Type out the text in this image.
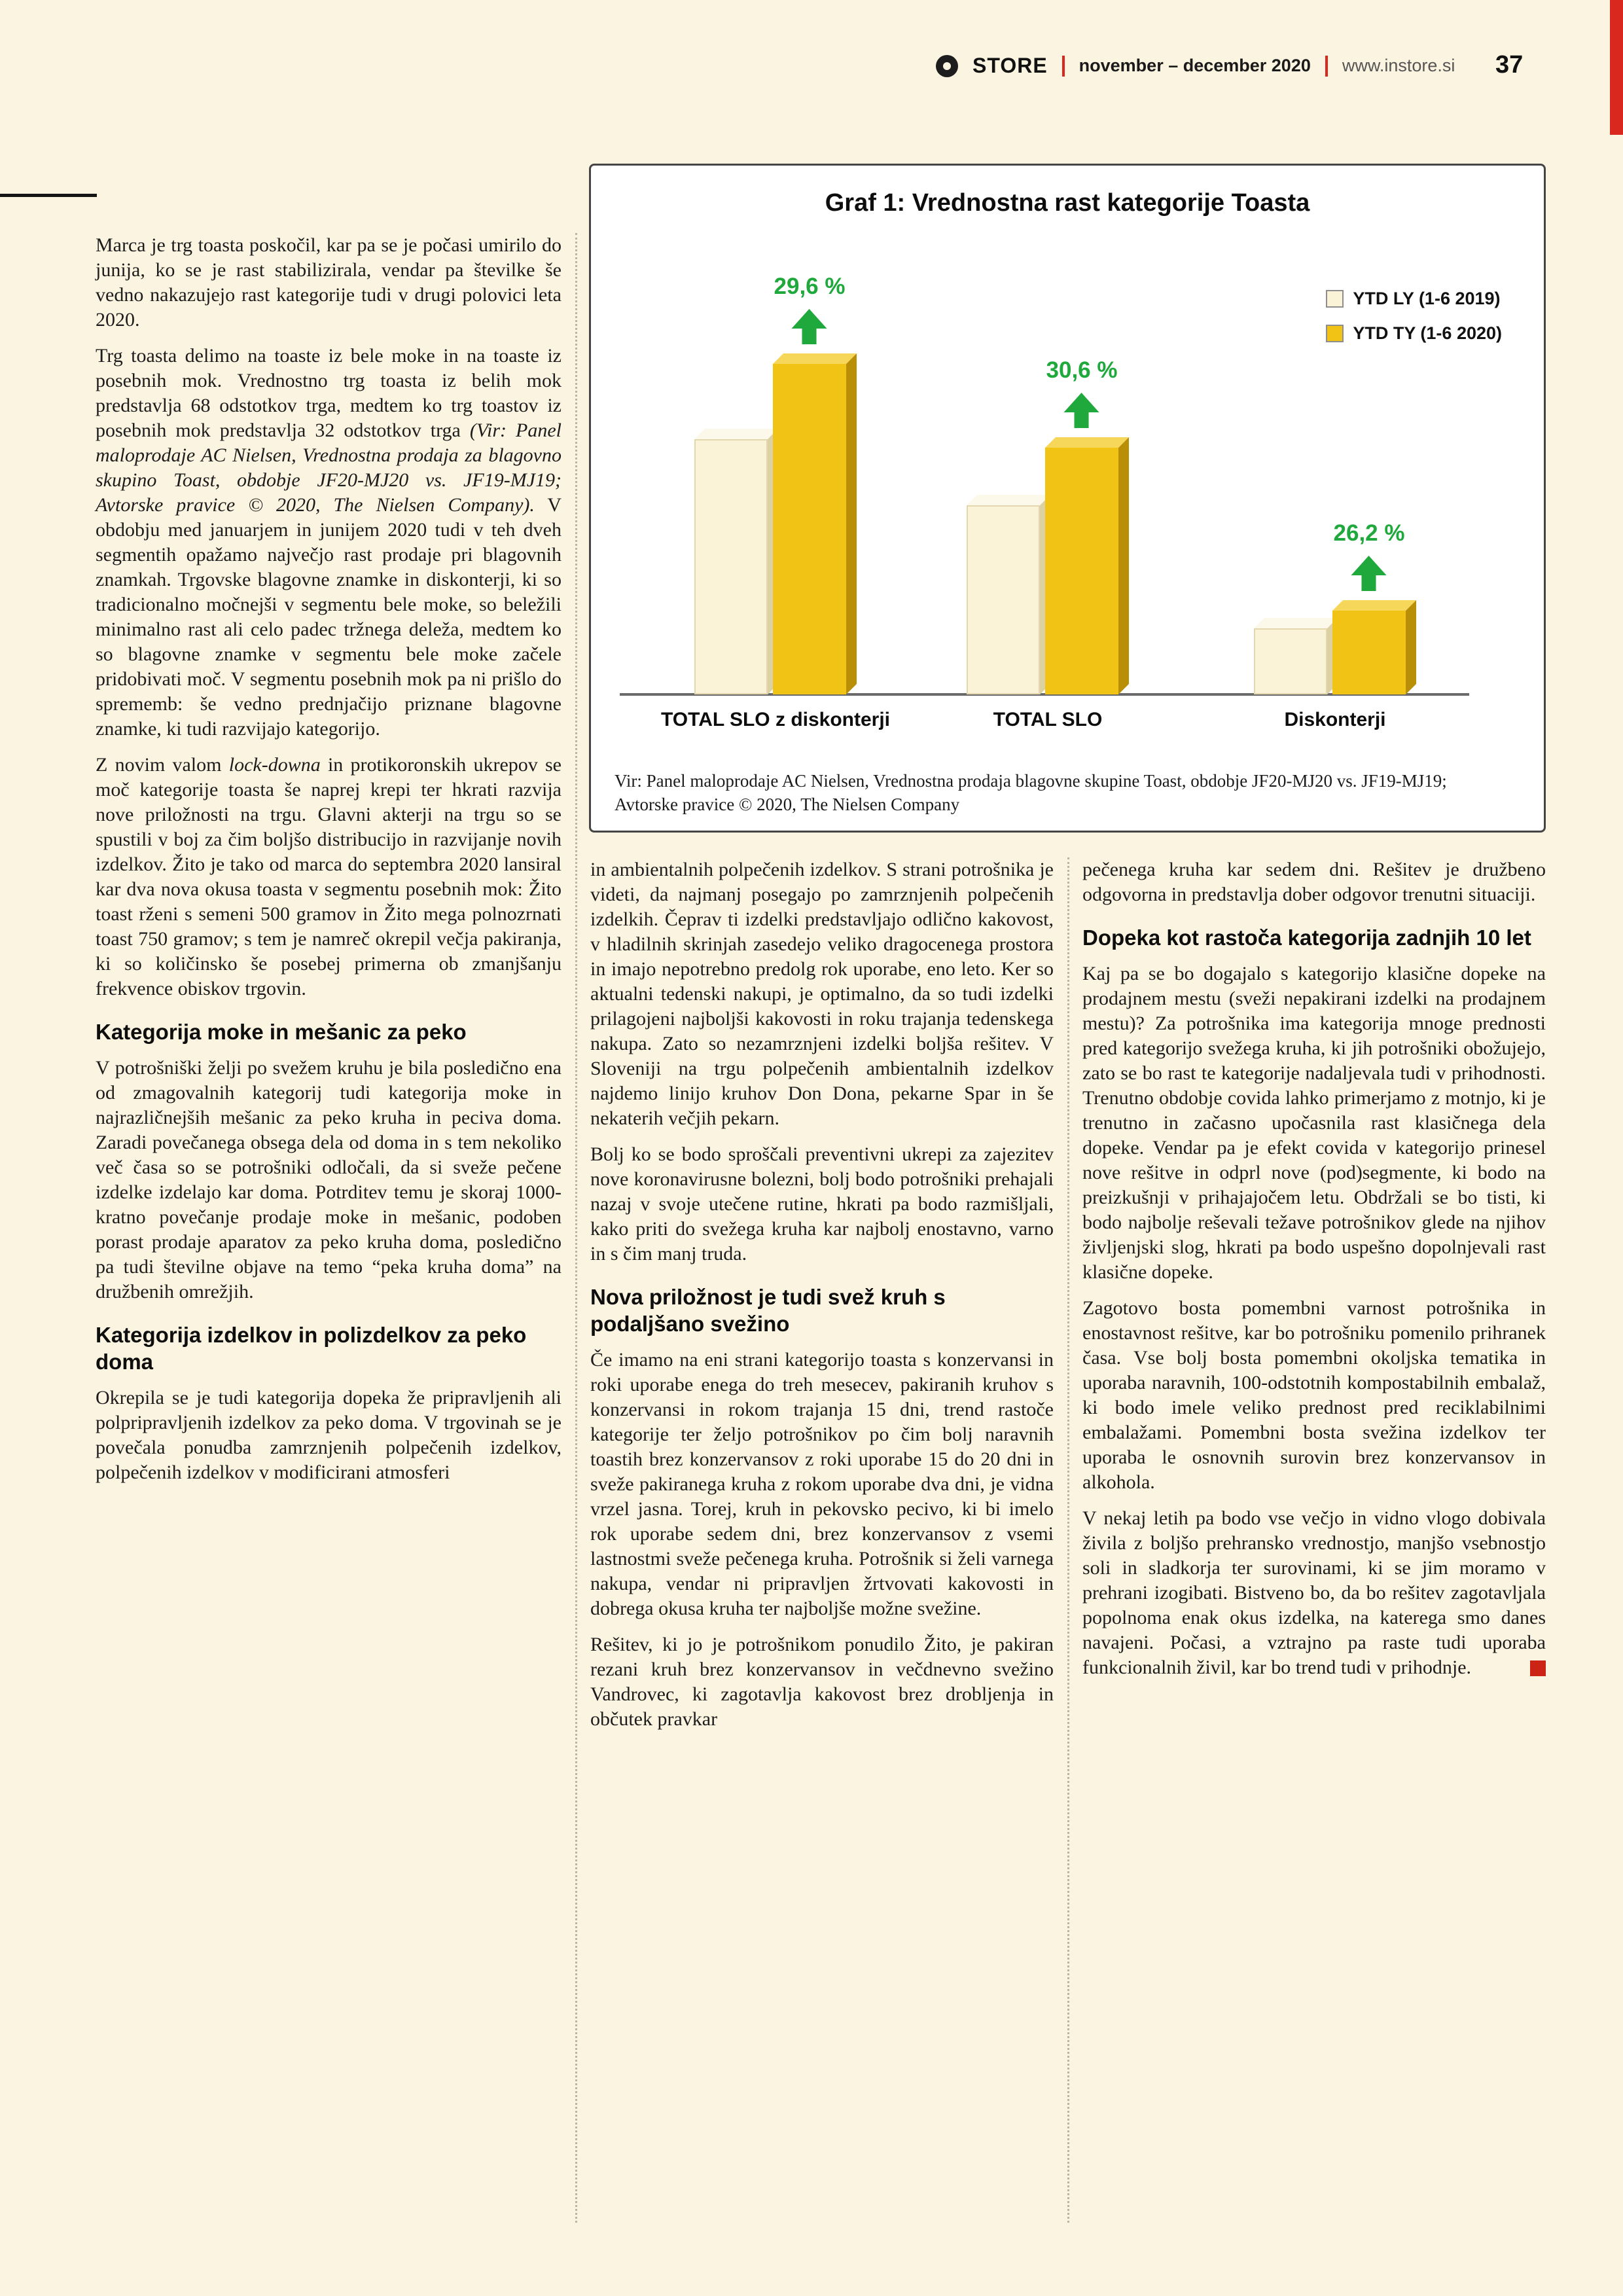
STORE november – december 2020 www.instore.si 37
Graf 1: Vrednostna rast kategorije Toasta
YTD LY (1-6 2019)
YTD TY (1-6 2020)
29,6 %
TOTAL SLO z diskonterji
30,6 %
TOTAL SLO
26,2 %
Diskonterji
Vir: Panel maloprodaje AC Nielsen, Vrednostna prodaja blagovne skupine Toast, obdobje JF20-MJ20 vs. JF19-MJ19;
Avtorske pravice © 2020, The Nielsen Company

Marca je trg toasta poskočil, kar pa se je počasi umirilo do junija, ko se je rast stabilizirala, vendar pa številke še vedno nakazujejo rast kategorije tudi v drugi polovici leta 2020.

Trg toasta delimo na toaste iz bele moke in na toaste iz posebnih mok. Vrednostno trg toasta iz belih mok predstavlja 68 odstotkov trga, medtem ko trg toastov iz posebnih mok predstavlja 32 odstotkov trga (Vir: Panel maloprodaje AC Nielsen, Vrednostna prodaja za blagovno skupino Toast, obdobje JF20-MJ20 vs. JF19-MJ19; Avtorske pravice © 2020, The Nielsen Company). V obdobju med januarjem in junijem 2020 tudi v teh dveh segmentih opažamo največjo rast prodaje pri blagovnih znamkah. Trgovske blagovne znamke in diskonterji, ki so tradicionalno močnejši v segmentu bele moke, so beležili minimalno rast ali celo padec tržnega deleža, medtem ko so blagovne znamke v segmentu bele moke začele pridobivati moč. V segmentu posebnih mok pa ni prišlo do sprememb: še vedno prednjačijo priznane blagovne znamke, ki tudi razvijajo kategorijo.

Z novim valom lock-downa in protikoronskih ukrepov se moč kategorije toasta še naprej krepi ter hkrati razvija nove priložnosti na trgu. Glavni akterji na trgu so se spustili v boj za čim boljšo distribucijo in razvijanje novih izdelkov. Žito je tako od marca do septembra 2020 lansiral kar dva nova okusa toasta v segmentu posebnih mok: Žito toast rženi s semeni 500 gramov in Žito mega polnozrnati toast 750 gramov; s tem je namreč okrepil večja pakiranja, ki so količinsko še posebej primerna ob zmanjšanju frekvence obiskov trgovin.

Kategorija moke in mešanic za peko

V potrošniški želji po svežem kruhu je bila posledično ena od zmagovalnih kategorij tudi kategorija moke in najrazličnejših mešanic za peko kruha in peciva doma. Zaradi povečanega obsega dela od doma in s tem nekoliko več časa so se potrošniki odločali, da si sveže pečene izdelke izdelajo kar doma. Potrditev temu je skoraj 1000-kratno povečanje prodaje moke in mešanic, podoben porast prodaje aparatov za peko kruha doma, posledično pa tudi številne objave na temo “peka kruha doma” na družbenih omrežjih.

Kategorija izdelkov in polizdelkov za peko doma

Okrepila se je tudi kategorija dopeka že pripravljenih ali polpripravljenih izdelkov za peko doma. V trgovinah se je povečala ponudba zamrznjenih polpečenih izdelkov, polpečenih izdelkov v modificirani atmosferi

in ambientalnih polpečenih izdelkov. S strani potrošnika je videti, da najmanj posegajo po zamrznjenih polpečenih izdelkih. Čeprav ti izdelki predstavljajo odlično kakovost, v hladilnih skrinjah zasedejo veliko dragocenega prostora in imajo nepotrebno predolg rok uporabe, eno leto. Ker so aktualni tedenski nakupi, je optimalno, da so tudi izdelki prilagojeni najboljši kakovosti in roku trajanja tedenskega nakupa. Zato so nezamrznjeni izdelki boljša rešitev. V Sloveniji na trgu polpečenih ambientalnih izdelkov najdemo linijo kruhov Don Dona, pekarne Spar in še nekaterih večjih pekarn.

Bolj ko se bodo sproščali preventivni ukrepi za zajezitev nove koronavirusne bolezni, bolj bodo potrošniki prehajali nazaj v svoje utečene rutine, hkrati pa bodo razmišljali, kako priti do svežega kruha kar najbolj enostavno, varno in s čim manj truda.

Nova priložnost je tudi svež kruh s podaljšano svežino

Če imamo na eni strani kategorijo toasta s konzervansi in roki uporabe enega do treh mesecev, pakiranih kruhov s konzervansi in rokom trajanja 15 dni, trend rastoče kategorije ter željo potrošnikov po čim bolj naravnih toastih brez konzervansov z roki uporabe 15 do 20 dni in sveže pakiranega kruha z rokom uporabe dva dni, je vidna vrzel jasna. Torej, kruh in pekovsko pecivo, ki bi imelo rok uporabe sedem dni, brez konzervansov z vsemi lastnostmi sveže pečenega kruha. Potrošnik si želi varnega nakupa, vendar ni pripravljen žrtvovati kakovosti in dobrega okusa kruha ter najboljše možne svežine.

Rešitev, ki jo je potrošnikom ponudilo Žito, je pakiran rezani kruh brez konzervansov in večdnevno svežino Vandrovec, ki zagotavlja kakovost brez drobljenja in občutek pravkar

pečenega kruha kar sedem dni. Rešitev je družbeno odgovorna in predstavlja dober odgovor trenutni situaciji.

Dopeka kot rastoča kategorija zadnjih 10 let

Kaj pa se bo dogajalo s kategorijo klasične dopeke na prodajnem mestu (sveži nepakirani izdelki na prodajnem mestu)? Za potrošnika ima kategorija mnoge prednosti pred kategorijo svežega kruha, ki jih potrošniki obožujejo, zato se bo rast te kategorije nadaljevala tudi v prihodnosti. Trenutno obdobje covida lahko primerjamo z motnjo, ki je trenutno in začasno upočasnila rast klasičnega dela dopeke. Vendar pa je efekt covida v kategorijo prinesel nove rešitve in odprl nove (pod)segmente, ki bodo na preizkušnji v prihajajočem letu. Obdržali se bo tisti, ki bodo najbolje reševali težave potrošnikov glede na njihov življenjski slog, hkrati pa bodo uspešno dopolnjevali rast klasične dopeke.

Zagotovo bosta pomembni varnost potrošnika in enostavnost rešitve, kar bo potrošniku pomenilo prihranek časa. Vse bolj bosta pomembni okoljska tematika in uporaba naravnih, 100-odstotnih kompostabilnih embalaž, ki bodo imele veliko prednost pred reciklabilnimi embalažami. Pomembni bosta svežina izdelkov ter uporaba le osnovnih surovin brez konzervansov in alkohola.

V nekaj letih pa bodo vse večjo in vidno vlogo dobivala živila z boljšo prehransko vrednostjo, manjšo vsebnostjo soli in sladkorja ter surovinami, ki se jim moramo v prehrani izogibati. Bistveno bo, da bo rešitev zagotavljala popolnoma enak okus izdelka, na katerega smo danes navajeni. Počasi, a vztrajno pa raste tudi uporaba funkcionalnih živil, kar bo trend tudi v prihodnje.
